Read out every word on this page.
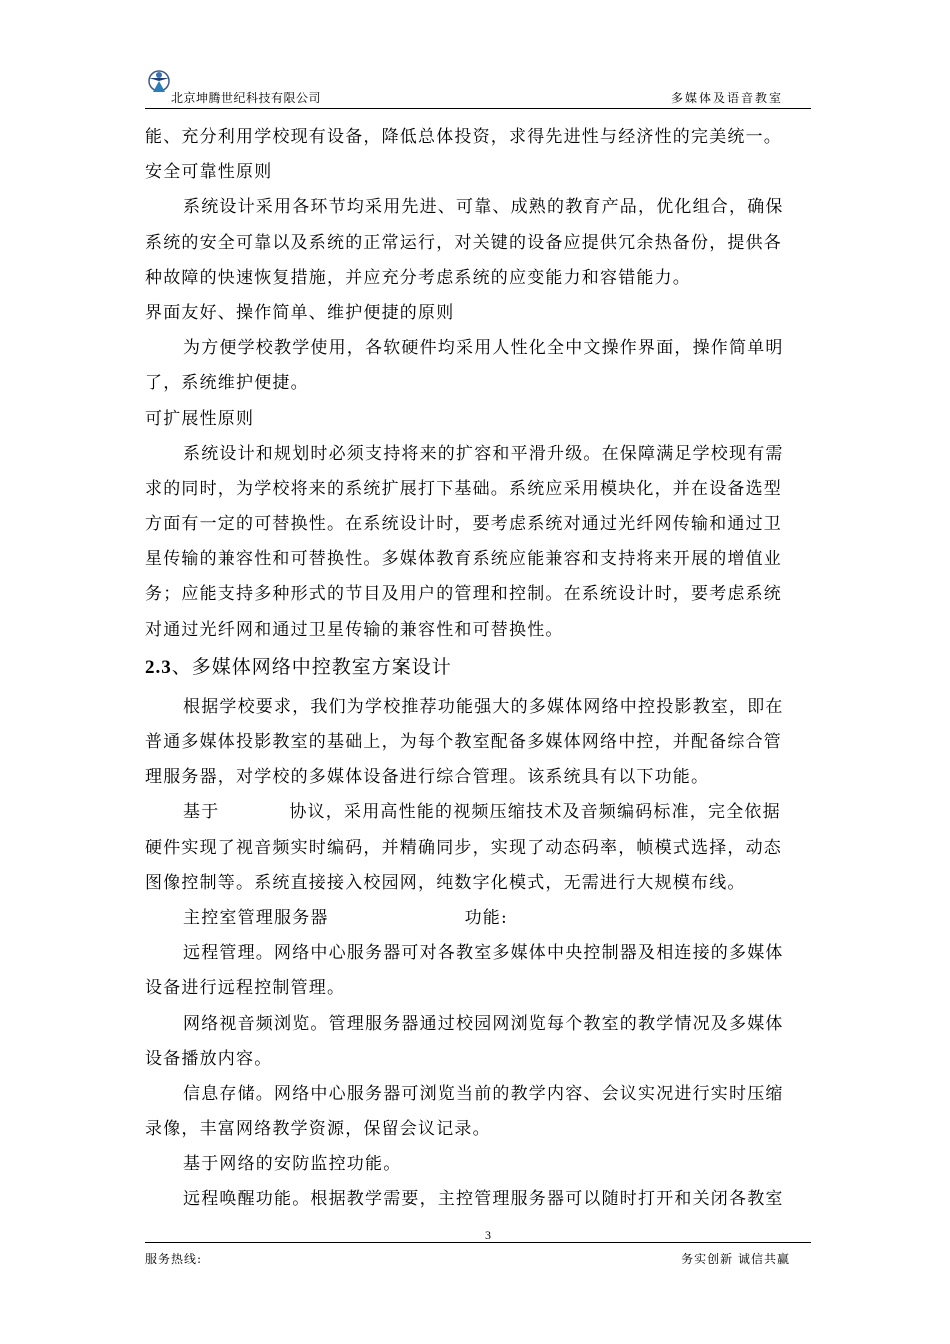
北京坤腾世纪科技有限公司	多媒体及语音教室
能、充分利用学校现有设备，降低总体投资，求得先进性与经济性的完美统一。
安全可靠性原则
系统设计采用各环节均采用先进、可靠、成熟的教育产品，优化组合，确保
系统的安全可靠以及系统的正常运行，对关键的设备应提供冗余热备份，提供各
种故障的快速恢复措施，并应充分考虑系统的应变能力和容错能力。
界面友好、操作简单、维护便捷的原则
为方便学校教学使用，各软硬件均采用人性化全中文操作界面，操作简单明
了，系统维护便捷。
可扩展性原则
系统设计和规划时必须支持将来的扩容和平滑升级。在保障满足学校现有需
求的同时，为学校将来的系统扩展打下基础。系统应采用模块化，并在设备选型
方面有一定的可替换性。在系统设计时，要考虑系统对通过光纤网传输和通过卫
星传输的兼容性和可替换性。多媒体教育系统应能兼容和支持将来开展的增值业
务；应能支持多种形式的节目及用户的管理和控制。在系统设计时，要考虑系统
对通过光纤网和通过卫星传输的兼容性和可替换性。
2.3、多媒体网络中控教室方案设计
根据学校要求，我们为学校推荐功能强大的多媒体网络中控投影教室，即在
普通多媒体投影教室的基础上，为每个教室配备多媒体网络中控，并配备综合管
理服务器，对学校的多媒体设备进行综合管理。该系统具有以下功能。
基于	协议，采用高性能的视频压缩技术及音频编码标准，完全依据
硬件实现了视音频实时编码，并精确同步，实现了动态码率，帧模式选择，动态
图像控制等。系统直接接入校园网，纯数字化模式，无需进行大规模布线。
主控室管理服务器	功能:
远程管理。网络中心服务器可对各教室多媒体中央控制器及相连接的多媒体
设备进行远程控制管理。
网络视音频浏览。管理服务器通过校园网浏览每个教室的教学情况及多媒体
设备播放内容。
信息存储。网络中心服务器可浏览当前的教学内容、会议实况进行实时压缩
录像，丰富网络教学资源，保留会议记录。
基于网络的安防监控功能。
远程唤醒功能。根据教学需要，主控管理服务器可以随时打开和关闭各教室
3
服务热线:	务实创新 诚信共赢
